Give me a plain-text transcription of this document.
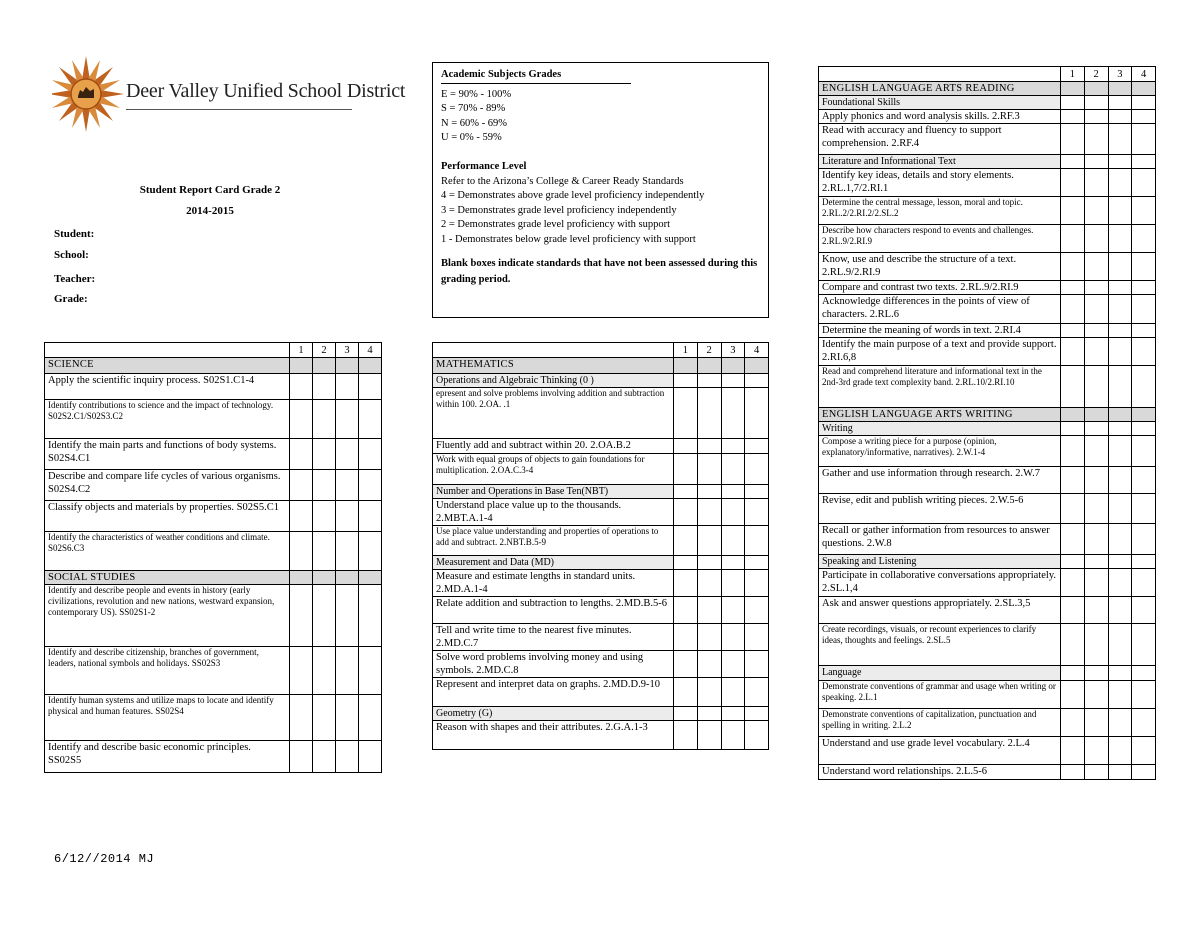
Deer Valley Unified School District
Student Report Card Grade 2
2014-2015
Student:
School:
Teacher:
Grade:
Academic Subjects Grades
E = 90% - 100%
S = 70% - 89%
N = 60% - 69%
U = 0% - 59%
Performance Level
Refer to the Arizona’s College & Career Ready Standards
4 = Demonstrates above grade level proficiency independently
3 = Demonstrates grade level proficiency independently
2 = Demonstrates grade level proficiency with support
1 - Demonstrates below grade level proficiency with support
Blank boxes indicate standards that have not been assessed during this grading period.
	1	2	3	4
SCIENCE				
Apply the scientific inquiry process. S02S1.C1-4				
Identify contributions to science and the impact of technology. S02S2.C1/S02S3.C2				
Identify the main parts and functions of body systems. S02S4.C1				
Describe and compare life cycles of various organisms. S02S4.C2				
Classify objects and materials by properties. S02S5.C1				
Identify the characteristics of weather conditions and climate. S02S6.C3				
SOCIAL STUDIES				
Identify and describe people and events in history (early civilizations, revolution and new nations, westward expansion, contemporary US). SS02S1-2				
Identify and describe citizenship, branches of government, leaders, national symbols and holidays. SS02S3				
Identify human systems and utilize maps to locate and identify physical and human features. SS02S4				
Identify and describe basic economic principles. SS02S5				
	1	2	3	4
MATHEMATICS				
Operations and Algebraic Thinking (0 )				
epresent and solve problems involving addition and subtraction within 100. 2.OA. .1				
Fluently add and subtract within 20. 2.OA.B.2				
Work with equal groups of objects to gain foundations for multiplication. 2.OA.C.3-4				
Number and Operations in Base Ten(NBT)				
Understand place value up to the thousands. 2.MBT.A.1-4				
Use place value understanding and properties of operations to add and subtract. 2.NBT.B.5-9				
Measurement and Data (MD)				
Measure and estimate lengths in standard units. 2.MD.A.1-4				
Relate addition and subtraction to lengths. 2.MD.B.5-6				
Tell and write time to the nearest five minutes. 2.MD.C.7				
Solve word problems involving money and using symbols. 2.MD.C.8				
Represent and interpret data on graphs. 2.MD.D.9-10				
Geometry (G)				
Reason with shapes and their attributes. 2.G.A.1-3				
	1	2	3	4
ENGLISH LANGUAGE ARTS READING				
Foundational Skills				
Apply phonics and word analysis skills. 2.RF.3				
Read with accuracy and fluency to support comprehension. 2.RF.4				
Literature and Informational Text				
Identify key ideas, details and story elements. 2.RL.1,7/2.RI.1				
Determine the central message, lesson, moral and topic. 2.RL.2/2.RI.2/2.SL.2				
Describe how characters respond to events and challenges. 2.RL.9/2.RI.9				
Know, use and describe the structure of a text. 2.RL.9/2.RI.9				
Compare and contrast two texts. 2.RL.9/2.RI.9				
Acknowledge differences in the points of view of characters. 2.RL.6				
Determine the meaning of words in text. 2.RI.4				
Identify the main purpose of a text and provide support. 2.RI.6,8				
Read and comprehend literature and informational text in the 2nd-3rd grade text complexity band. 2.RL.10/2.RI.10				
ENGLISH LANGUAGE ARTS WRITING				
Writing				
Compose a writing piece for a purpose (opinion, explanatory/informative, narratives). 2.W.1-4				
Gather and use information through research. 2.W.7				
Revise, edit and publish writing pieces. 2.W.5-6				
Recall or gather information from resources to answer questions. 2.W.8				
Speaking and Listening				
Participate in collaborative conversations appropriately. 2.SL.1,4				
Ask and answer questions appropriately. 2.SL.3,5				
Create recordings, visuals, or recount experiences to clarify ideas, thoughts and feelings. 2.SL.5				
Language				
Demonstrate conventions of grammar and usage when writing or speaking. 2.L.1				
Demonstrate conventions of capitalization, punctuation and spelling in writing. 2.L.2				
Understand and use grade level vocabulary. 2.L.4				
Understand word relationships. 2.L.5-6				
6/12//2014 MJ
